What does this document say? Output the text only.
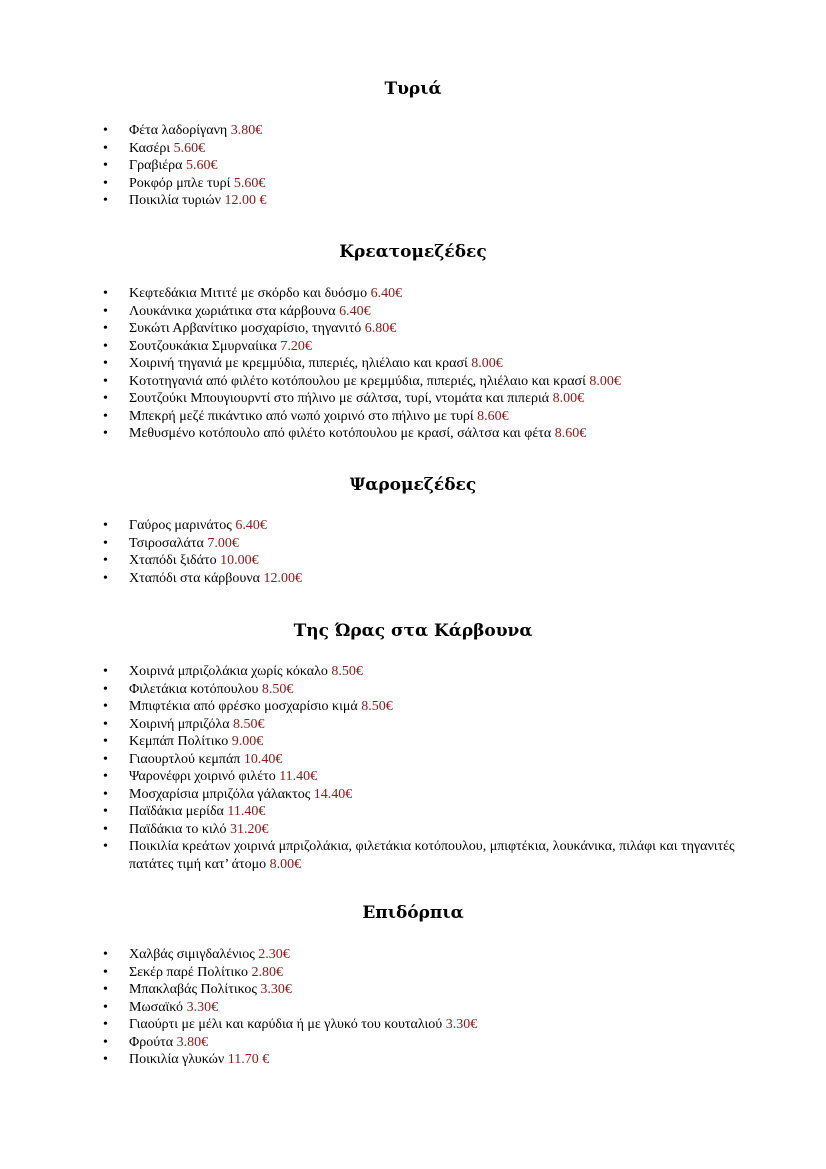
Τυριά
• Φέτα λαδορίγανη 3.80€
• Κασέρι 5.60€
• Γραβιέρα 5.60€
• Ροκφόρ μπλε τυρί 5.60€
• Ποικιλία τυριών 12.00 €
Κρεατομεζέδες
• Κεφτεδάκια Μιτιτέ με σκόρδο και δυόσμο 6.40€
• Λουκάνικα χωριάτικα στα κάρβουνα 6.40€
• Συκώτι Αρβανίτικο μοσχαρίσιο, τηγανιτό 6.80€
• Σουτζουκάκια Σμυρναίικα 7.20€
• Χοιρινή τηγανιά με κρεμμύδια, πιπεριές, ηλιέλαιο και κρασί 8.00€
• Κοτοτηγανιά από φιλέτο κοτόπουλου με κρεμμύδια, πιπεριές, ηλιέλαιο και κρασί 8.00€
• Σουτζούκι Μπουγιουρντί στο πήλινο με σάλτσα, τυρί, ντομάτα και πιπεριά 8.00€
• Μπεκρή μεζέ πικάντικο από νωπό χοιρινό στο πήλινο με τυρί 8.60€
• Μεθυσμένο κοτόπουλο από φιλέτο κοτόπουλου με κρασί, σάλτσα και φέτα 8.60€
Ψαρομεζέδες
• Γαύρος μαρινάτος 6.40€
• Τσιροσαλάτα 7.00€
• Χταπόδι ξιδάτο 10.00€
• Χταπόδι στα κάρβουνα 12.00€
Της Ώρας στα Κάρβουνα
• Χοιρινά μπριζολάκια χωρίς κόκαλο 8.50€
• Φιλετάκια κοτόπουλου 8.50€
• Μπιφτέκια από φρέσκο μοσχαρίσιο κιμά 8.50€
• Χοιρινή μπριζόλα 8.50€
• Κεμπάπ Πολίτικο 9.00€
• Γιαουρτλού κεμπάπ 10.40€
• Ψαρονέφρι χοιρινό φιλέτο 11.40€
• Μοσχαρίσια μπριζόλα γάλακτος 14.40€
• Παϊδάκια μερίδα 11.40€
• Παϊδάκια το κιλό 31.20€
• Ποικιλία κρεάτων χοιρινά μπριζολάκια, φιλετάκια κοτόπουλου, μπιφτέκια, λουκάνικα, πιλάφι και τηγανιτές πατάτες τιμή κατ’ άτομο 8.00€
Επιδόρπια
• Χαλβάς σιμιγδαλένιος 2.30€
• Σεκέρ παρέ Πολίτικο 2.80€
• Μπακλαβάς Πολίτικος 3.30€
• Μωσαϊκό 3.30€
• Γιαούρτι με μέλι και καρύδια ή με γλυκό του κουταλιού 3.30€
• Φρούτα 3.80€
• Ποικιλία γλυκών 11.70 €
